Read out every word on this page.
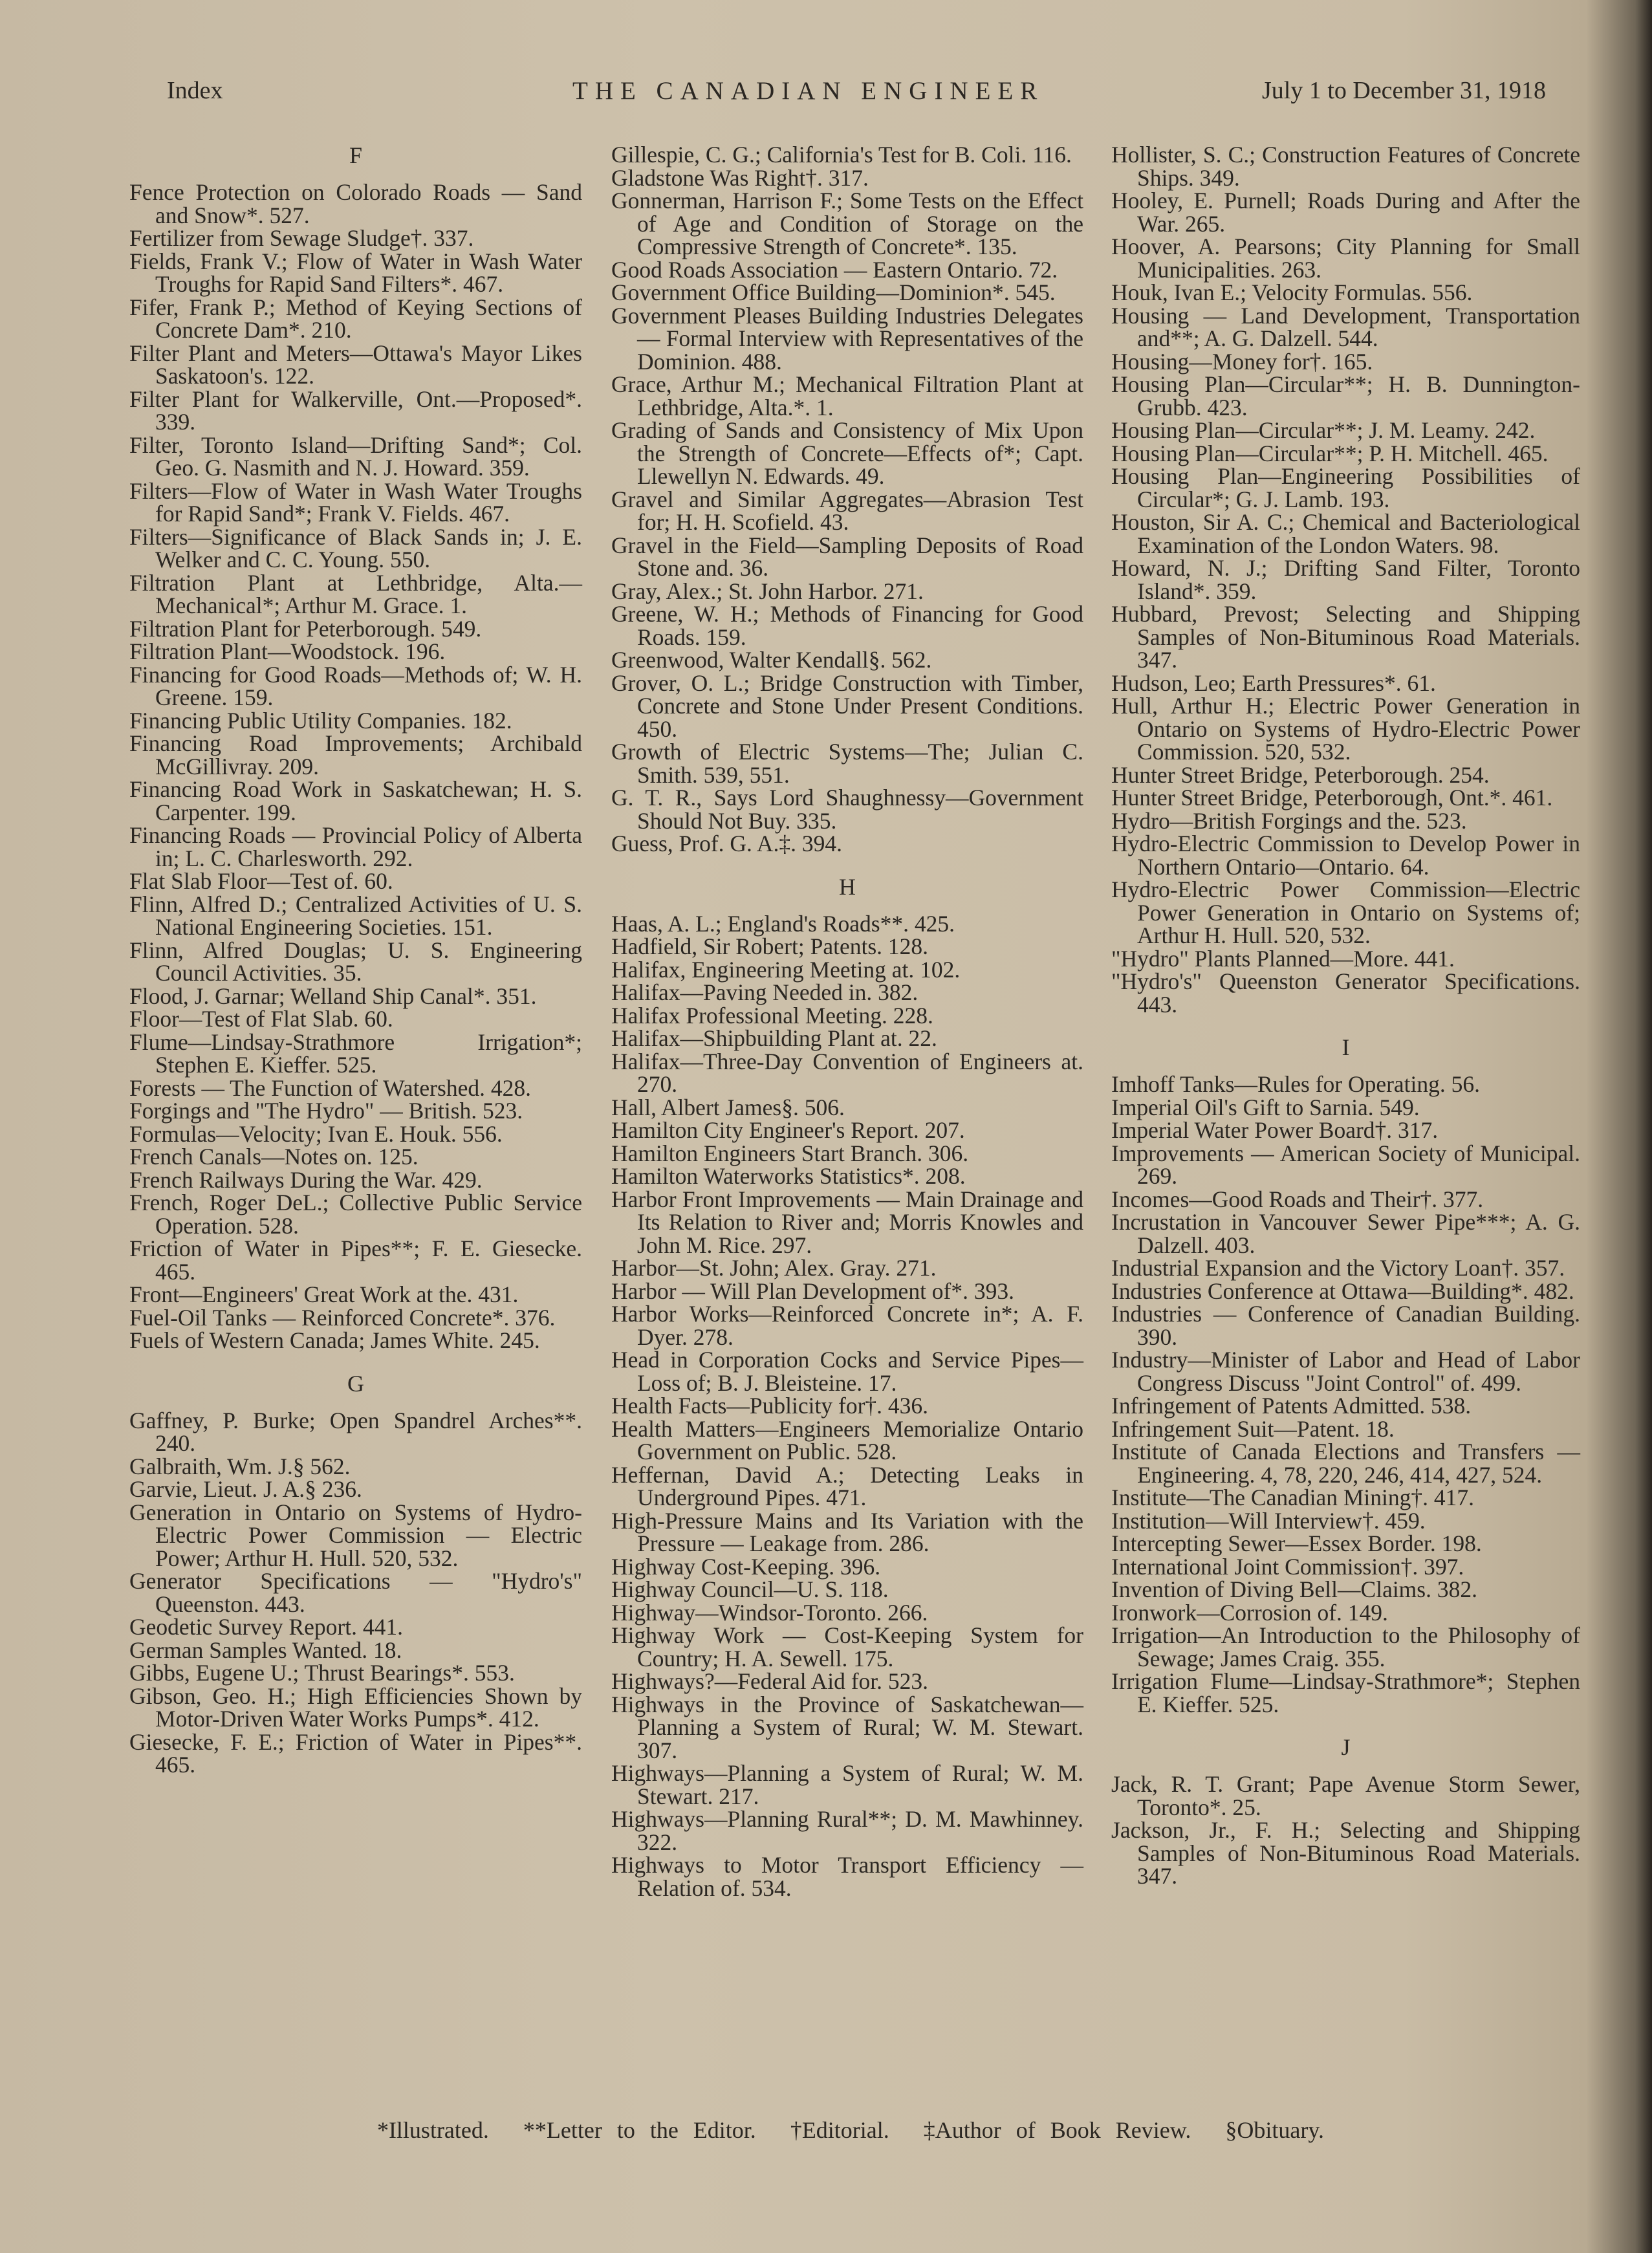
Index	THE CANADIAN ENGINEER	July 1 to December 31, 1918
F
Fence Protection on Colorado Roads — Sand and Snow*. 527.
Fertilizer from Sewage Sludge†. 337.
Fields, Frank V.; Flow of Water in Wash Water Troughs for Rapid Sand Filters*. 467.
Fifer, Frank P.; Method of Keying Sections of Concrete Dam*. 210.
Filter Plant and Meters—Ottawa's Mayor Likes Saskatoon's. 122.
Filter Plant for Walkerville, Ont.—Proposed*. 339.
Filter, Toronto Island—Drifting Sand*; Col. Geo. G. Nasmith and N. J. Howard. 359.
Filters—Flow of Water in Wash Water Troughs for Rapid Sand*; Frank V. Fields. 467.
Filters—Significance of Black Sands in; J. E. Welker and C. C. Young. 550.
Filtration Plant at Lethbridge, Alta.—Mechanical*; Arthur M. Grace. 1.
Filtration Plant for Peterborough. 549.
Filtration Plant—Woodstock. 196.
Financing for Good Roads—Methods of; W. H. Greene. 159.
Financing Public Utility Companies. 182.
Financing Road Improvements; Archibald McGillivray. 209.
Financing Road Work in Saskatchewan; H. S. Carpenter. 199.
Financing Roads — Provincial Policy of Alberta in; L. C. Charlesworth. 292.
Flat Slab Floor—Test of. 60.
Flinn, Alfred D.; Centralized Activities of U. S. National Engineering Societies. 151.
Flinn, Alfred Douglas; U. S. Engineering Council Activities. 35.
Flood, J. Garnar; Welland Ship Canal*. 351.
Floor—Test of Flat Slab. 60.
Flume—Lindsay-Strathmore Irrigation*; Stephen E. Kieffer. 525.
Forests — The Function of Watershed. 428.
Forgings and "The Hydro" — British. 523.
Formulas—Velocity; Ivan E. Houk. 556.
French Canals—Notes on. 125.
French Railways During the War. 429.
French, Roger DeL.; Collective Public Service Operation. 528.
Friction of Water in Pipes**; F. E. Giesecke. 465.
Front—Engineers' Great Work at the. 431.
Fuel-Oil Tanks — Reinforced Concrete*. 376.
Fuels of Western Canada; James White. 245.
G
Gaffney, P. Burke; Open Spandrel Arches**. 240.
Galbraith, Wm. J.§ 562.
Garvie, Lieut. J. A.§ 236.
Generation in Ontario on Systems of Hydro-Electric Power Commission — Electric Power; Arthur H. Hull. 520, 532.
Generator Specifications — "Hydro's" Queenston. 443.
Geodetic Survey Report. 441.
German Samples Wanted. 18.
Gibbs, Eugene U.; Thrust Bearings*. 553.
Gibson, Geo. H.; High Efficiencies Shown by Motor-Driven Water Works Pumps*. 412.
Giesecke, F. E.; Friction of Water in Pipes**. 465.
Gillespie, C. G.; California's Test for B. Coli. 116.
Gladstone Was Right†. 317.
Gonnerman, Harrison F.; Some Tests on the Effect of Age and Condition of Storage on the Compressive Strength of Concrete*. 135.
Good Roads Association — Eastern Ontario. 72.
Government Office Building—Dominion*. 545.
Government Pleases Building Industries Delegates — Formal Interview with Representatives of the Dominion. 488.
Grace, Arthur M.; Mechanical Filtration Plant at Lethbridge, Alta.*. 1.
Grading of Sands and Consistency of Mix Upon the Strength of Concrete—Effects of*; Capt. Llewellyn N. Edwards. 49.
Gravel and Similar Aggregates—Abrasion Test for; H. H. Scofield. 43.
Gravel in the Field—Sampling Deposits of Road Stone and. 36.
Gray, Alex.; St. John Harbor. 271.
Greene, W. H.; Methods of Financing for Good Roads. 159.
Greenwood, Walter Kendall§. 562.
Grover, O. L.; Bridge Construction with Timber, Concrete and Stone Under Present Conditions. 450.
Growth of Electric Systems—The; Julian C. Smith. 539, 551.
G. T. R., Says Lord Shaughnessy—Government Should Not Buy. 335.
Guess, Prof. G. A.‡. 394.
H
Haas, A. L.; England's Roads**. 425.
Hadfield, Sir Robert; Patents. 128.
Halifax, Engineering Meeting at. 102.
Halifax—Paving Needed in. 382.
Halifax Professional Meeting. 228.
Halifax—Shipbuilding Plant at. 22.
Halifax—Three-Day Convention of Engineers at. 270.
Hall, Albert James§. 506.
Hamilton City Engineer's Report. 207.
Hamilton Engineers Start Branch. 306.
Hamilton Waterworks Statistics*. 208.
Harbor Front Improvements — Main Drainage and Its Relation to River and; Morris Knowles and John M. Rice. 297.
Harbor—St. John; Alex. Gray. 271.
Harbor — Will Plan Development of*. 393.
Harbor Works—Reinforced Concrete in*; A. F. Dyer. 278.
Head in Corporation Cocks and Service Pipes—Loss of; B. J. Bleisteine. 17.
Health Facts—Publicity for†. 436.
Health Matters—Engineers Memorialize Ontario Government on Public. 528.
Heffernan, David A.; Detecting Leaks in Underground Pipes. 471.
High-Pressure Mains and Its Variation with the Pressure — Leakage from. 286.
Highway Cost-Keeping. 396.
Highway Council—U. S. 118.
Highway—Windsor-Toronto. 266.
Highway Work — Cost-Keeping System for Country; H. A. Sewell. 175.
Highways?—Federal Aid for. 523.
Highways in the Province of Saskatchewan—Planning a System of Rural; W. M. Stewart. 307.
Highways—Planning a System of Rural; W. M. Stewart. 217.
Highways—Planning Rural**; D. M. Mawhinney. 322.
Highways to Motor Transport Efficiency —Relation of. 534.
Hollister, S. C.; Construction Features of Concrete Ships. 349.
Hooley, E. Purnell; Roads During and After the War. 265.
Hoover, A. Pearsons; City Planning for Small Municipalities. 263.
Houk, Ivan E.; Velocity Formulas. 556.
Housing — Land Development, Transportation and**; A. G. Dalzell. 544.
Housing—Money for†. 165.
Housing Plan—Circular**; H. B. Dunnington-Grubb. 423.
Housing Plan—Circular**; J. M. Leamy. 242.
Housing Plan—Circular**; P. H. Mitchell. 465.
Housing Plan—Engineering Possibilities of Circular*; G. J. Lamb. 193.
Houston, Sir A. C.; Chemical and Bacteriological Examination of the London Waters. 98.
Howard, N. J.; Drifting Sand Filter, Toronto Island*. 359.
Hubbard, Prevost; Selecting and Shipping Samples of Non-Bituminous Road Materials. 347.
Hudson, Leo; Earth Pressures*. 61.
Hull, Arthur H.; Electric Power Generation in Ontario on Systems of Hydro-Electric Power Commission. 520, 532.
Hunter Street Bridge, Peterborough. 254.
Hunter Street Bridge, Peterborough, Ont.*. 461.
Hydro—British Forgings and the. 523.
Hydro-Electric Commission to Develop Power in Northern Ontario—Ontario. 64.
Hydro-Electric Power Commission—Electric Power Generation in Ontario on Systems of; Arthur H. Hull. 520, 532.
"Hydro" Plants Planned—More. 441.
"Hydro's" Queenston Generator Specifications. 443.
I
Imhoff Tanks—Rules for Operating. 56.
Imperial Oil's Gift to Sarnia. 549.
Imperial Water Power Board†. 317.
Improvements — American Society of Municipal. 269.
Incomes—Good Roads and Their†. 377.
Incrustation in Vancouver Sewer Pipe***; A. G. Dalzell. 403.
Industrial Expansion and the Victory Loan†. 357.
Industries Conference at Ottawa—Building*. 482.
Industries — Conference of Canadian Building. 390.
Industry—Minister of Labor and Head of Labor Congress Discuss "Joint Control" of. 499.
Infringement of Patents Admitted. 538.
Infringement Suit—Patent. 18.
Institute of Canada Elections and Transfers — Engineering. 4, 78, 220, 246, 414, 427, 524.
Institute—The Canadian Mining†. 417.
Institution—Will Interview†. 459.
Intercepting Sewer—Essex Border. 198.
International Joint Commission†. 397.
Invention of Diving Bell—Claims. 382.
Ironwork—Corrosion of. 149.
Irrigation—An Introduction to the Philosophy of Sewage; James Craig. 355.
Irrigation Flume—Lindsay-Strathmore*; Stephen E. Kieffer. 525.
J
Jack, R. T. Grant; Pape Avenue Storm Sewer, Toronto*. 25.
Jackson, Jr., F. H.; Selecting and Shipping Samples of Non-Bituminous Road Materials. 347.
*Illustrated. **Letter to the Editor. †Editorial. ‡Author of Book Review. §Obituary.
